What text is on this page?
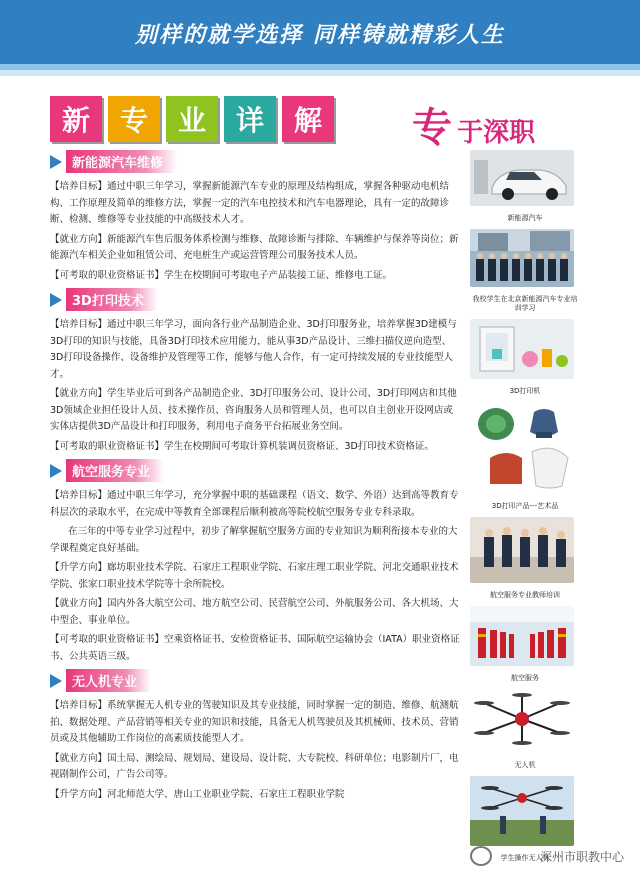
别样的就学选择 同样铸就精彩人生
新	专	业	详	解	专 于深职
新能源汽车维修

【培养目标】通过中职三年学习，掌握新能源汽车专业的原理及结构组成，掌握各种驱动电机结构、工作原理及简单的维修方法，掌握一定的汽车电控技术和汽车电器理论，具有一定的故障诊断、检测、维修等专业技能的中高级技术人才。

【就业方向】新能源汽车售后服务体系检测与维修、故障诊断与排除、车辆维护与保养等岗位；新能源汽车相关企业如租赁公司、充电桩生产或运营管理公司服务技术人员。

【可考取的职业资格证书】学生在校期间可考取电子产品装接工证、维修电工证。

3D打印技术

【培养目标】通过中职三年学习，面向各行业产品制造企业、3D打印服务业，培养掌握3D建模与3D打印的知识与技能，具备3D打印技术应用能力，能从事3D产品设计、三维扫描仪逆向造型、3D打印设备操作、设备维护及管理等工作，能够与他人合作，有一定可持续发展的专业技能型人才。

【就业方向】学生毕业后可到各产品制造企业、3D打印服务公司、设计公司、3D打印网店和其他3D领域企业担任设计人员、技术操作员、咨询服务人员和管理人员，也可以自主创业开设网店或实体店提供3D产品设计和打印服务，利用电子商务平台拓展业务空间。

【可考取的职业资格证书】学生在校期间可考取计算机装调员资格证、3D打印技术资格证。

航空服务专业

【培养目标】通过中职三年学习，充分掌握中职的基础课程（语文、数学、外语）达到高等教育专科层次的录取水平，在完成中等教育全部课程后顺利被高等院校航空服务专业专科录取。

在三年的中等专业学习过程中，初步了解掌握航空服务方面的专业知识为顺利衔接本专业的大学课程奠定良好基础。

【升学方向】廊坊职业技术学院、石家庄工程职业学院、石家庄理工职业学院、河北交通职业技术学院、张家口职业技术学院等十余所院校。

【就业方向】国内外各大航空公司、地方航空公司、民营航空公司、外航服务公司、各大机场、大中型企、事业单位。

【可考取的职业资格证书】空乘资格证书、安检资格证书、国际航空运输协会（IATA）职业资格证书、公共英语三级。

无人机专业

【培养目标】系统掌握无人机专业的驾驶知识及其专业技能，同时掌握一定的制造、维修、航测航拍、数据处理、产品营销等相关专业的知识和技能，具备无人机驾驶员及其机械师、技术员、营销员或及其他辅助工作岗位的高素质技能型人才。

【就业方向】国土局、测绘局、规划局、建设局、设计院、大专院校、科研单位；电影制片厂，电视剧制作公司，广告公司等。

【升学方向】河北师范大学、唐山工业职业学院、石家庄工程职业学院

新能源汽车
我校学生在北京新能源汽车专业培训学习
3D打印机
3D打印产品---艺术品
航空服务专业教师培训
航空服务
无人机
学生操作无人机
深州市职教中心
